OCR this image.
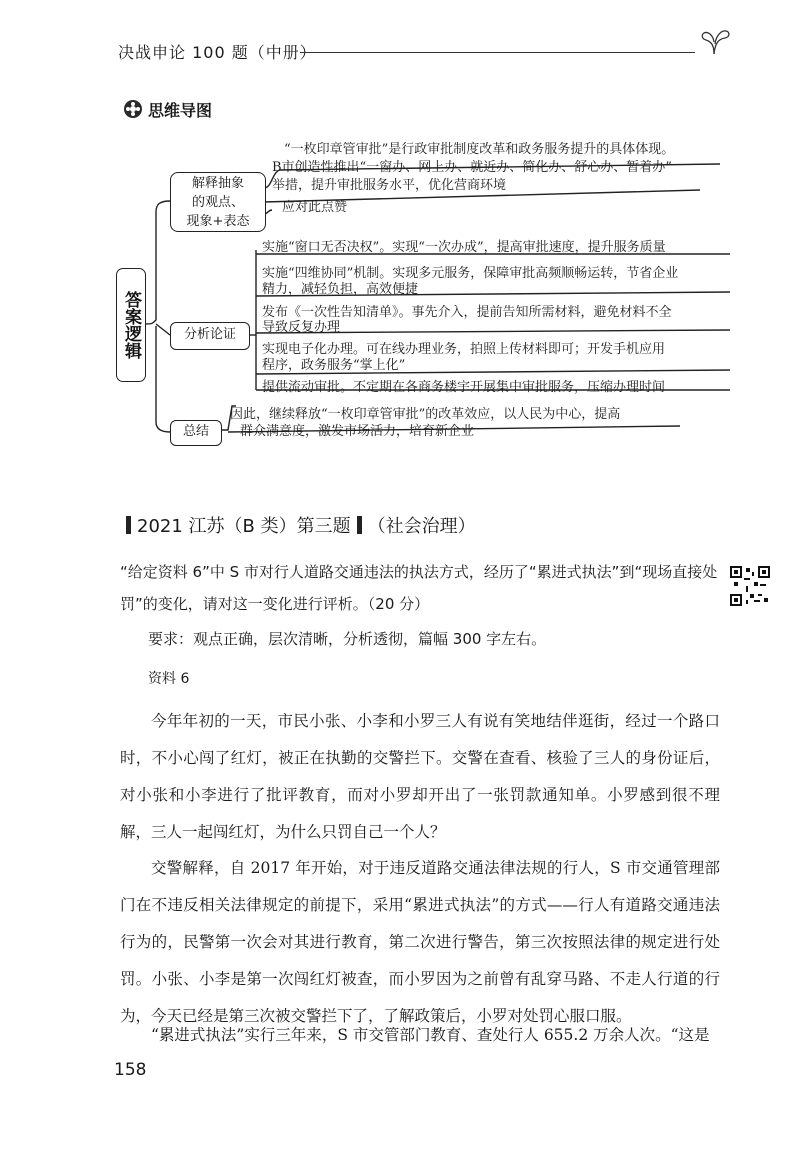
决战申论 100 题（中册）
思维导图
答案逻辑
解释抽象
的观点、
现象+表态
“一枚印章管审批”是行政审批制度改革和政务服务提升的具体体现。
B市创造性推出“一窗办、网上办、就近办、简化办、舒心办、暂着办”
举措，提升审批服务水平，优化营商环境
应对此点赞
分析论证
实施“窗口无否决权”。实现“一次办成”，提高审批速度，提升服务质量
实施“四维协同”机制。实现多元服务，保障审批高频顺畅运转，节省企业
精力，减轻负担，高效便捷
发布《一次性告知清单》。事先介入，提前告知所需材料，避免材料不全
导致反复办理
实现电子化办理。可在线办理业务，拍照上传材料即可；开发手机应用
程序，政务服务“掌上化”
提供流动审批。不定期在各商务楼宇开展集中审批服务，压缩办理时间
总结
因此，继续释放“一枚印章管审批”的改革效应，以人民为中心，提高
群众满意度，激发市场活力，培育新企业
2021 江苏（B 类）第三题 （社会治理）
“给定资料 6”中 S 市对行人道路交通违法的执法方式，经历了“累进式执法”到“现场直接处罚”的变化，请对这一变化进行评析。（20 分）
要求：观点正确，层次清晰，分析透彻，篇幅 300 字左右。
资料 6
今年年初的一天，市民小张、小李和小罗三人有说有笑地结伴逛街，经过一个路口时，不小心闯了红灯，被正在执勤的交警拦下。交警在查看、核验了三人的身份证后，对小张和小李进行了批评教育，而对小罗却开出了一张罚款通知单。小罗感到很不理解，三人一起闯红灯，为什么只罚自己一个人？
交警解释，自 2017 年开始，对于违反道路交通法律法规的行人，S 市交通管理部门在不违反相关法律规定的前提下，采用“累进式执法”的方式——行人有道路交通违法行为的，民警第一次会对其进行教育，第二次进行警告，第三次按照法律的规定进行处罚。小张、小李是第一次闯红灯被查，而小罗因为之前曾有乱穿马路、不走人行道的行为，今天已经是第三次被交警拦下了，了解政策后，小罗对处罚心服口服。
“累进式执法”实行三年来，S 市交管部门教育、查处行人 655.2 万余人次。“这是
158
